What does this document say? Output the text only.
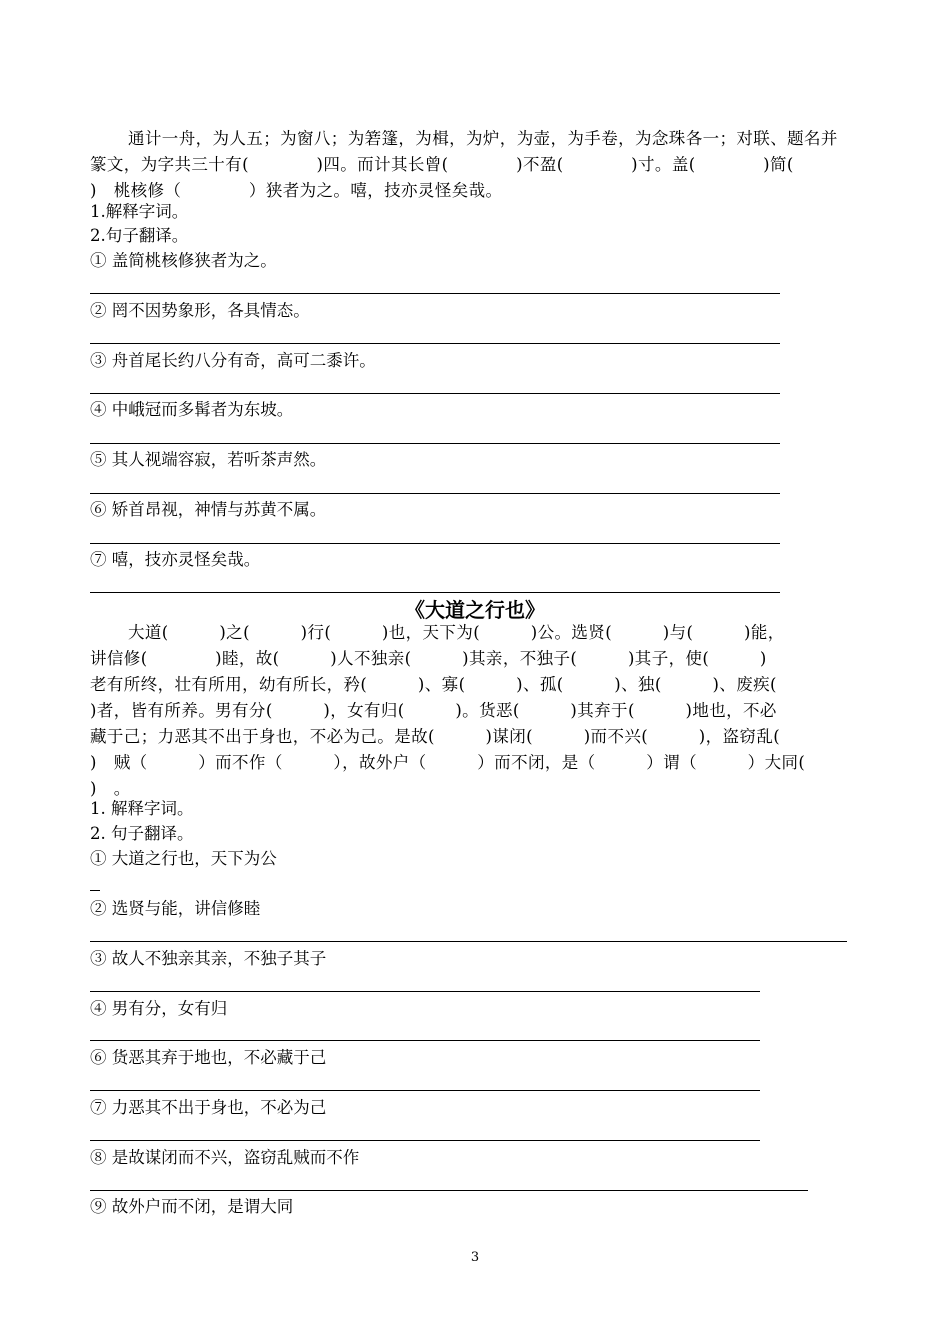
通计一舟，为人五；为窗八；为箬篷，为楫，为炉，为壶，为手卷，为念珠各一；对联、题名并
篆文，为字共三十有(　　　　)四。而计其长曾(　　　　)不盈(　　　　)寸。盖(　　　　)简(
)　桃核修（　　　　）狭者为之。嘻，技亦灵怪矣哉。
1.解释字词。
2.句子翻译。
① 盖简桃核修狭者为之。
② 罔不因势象形，各具情态。
③ 舟首尾长约八分有奇，高可二黍许。
④ 中峨冠而多髯者为东坡。
⑤ 其人视端容寂，若听茶声然。
⑥ 矫首昂视，神情与苏黄不属。
⑦ 嘻，技亦灵怪矣哉。
《大道之行也》
大道(　　　)之(　　　)行(　　　)也，天下为(　　　)公。选贤(　　　)与(　　　)能，
讲信修(　　　　)睦，故(　　　)人不独亲(　　　)其亲，不独子(　　　)其子，使(　　　)
老有所终，壮有所用，幼有所长，矜(　　　)、寡(　　　)、孤(　　　)、独(　　　)、废疾(
)者，皆有所养。男有分(　　　)，女有归(　　　)。货恶(　　　)其弃于(　　　)地也，不必
藏于己；力恶其不出于身也，不必为己。是故(　　　)谋闭(　　　)而不兴(　　　)，盗窃乱(
)　贼（　　　）而不作（　　　），故外户（　　　）而不闭，是（　　　）谓（　　　）大同(
)　。
1. 解释字词。
2. 句子翻译。
① 大道之行也，天下为公
② 选贤与能，讲信修睦
③ 故人不独亲其亲，不独子其子
④ 男有分，女有归
⑥ 货恶其弃于地也，不必藏于己
⑦ 力恶其不出于身也，不必为己
⑧ 是故谋闭而不兴，盗窃乱贼而不作
⑨ 故外户而不闭，是谓大同
3
